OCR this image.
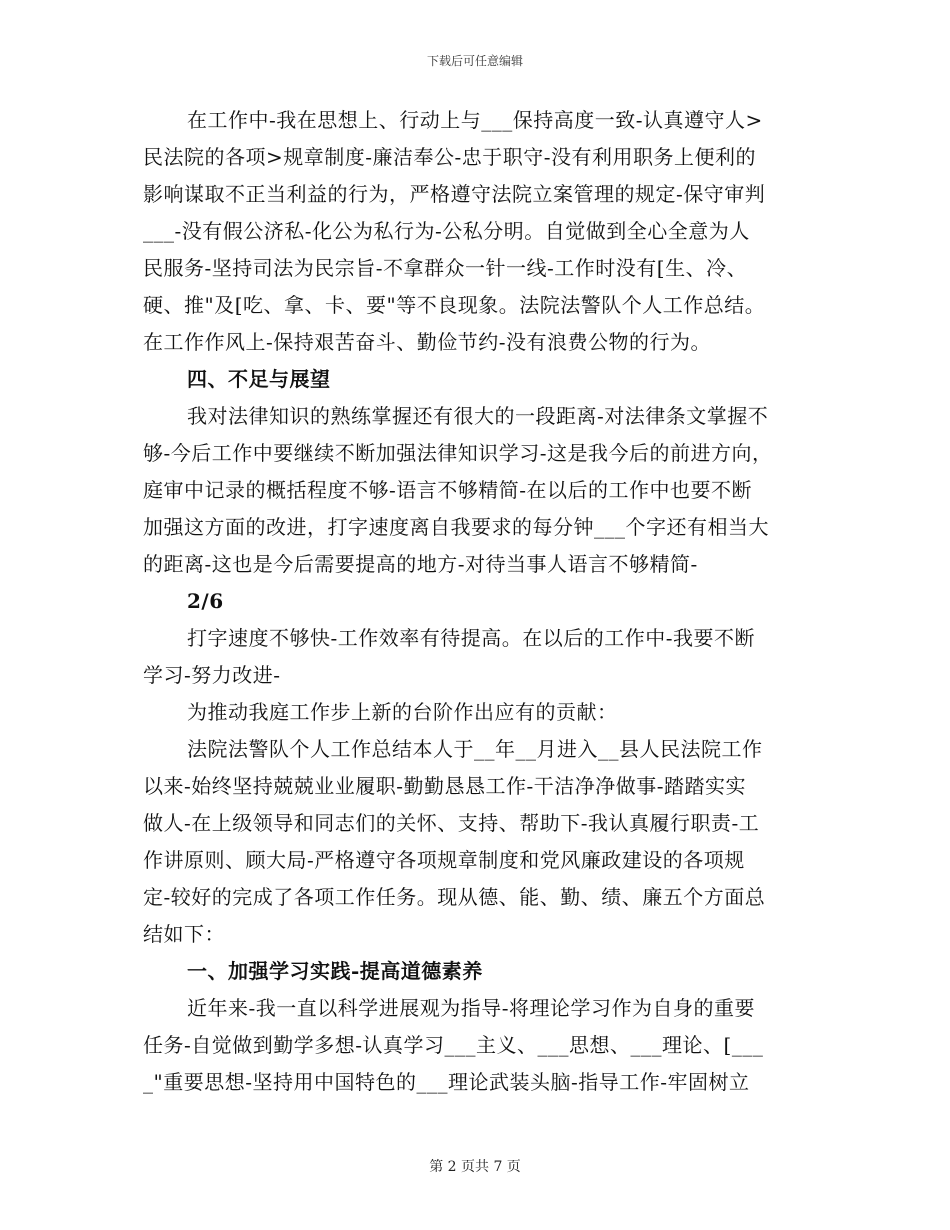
下载后可任意编辑
在工作中-我在思想上、行动上与___保持高度一致-认真遵守人>
民法院的各项>规章制度-廉洁奉公-忠于职守-没有利用职务上便利的
影响谋取不正当利益的行为，严格遵守法院立案管理的规定-保守审判
___-没有假公济私-化公为私行为-公私分明。自觉做到全心全意为人
民服务-坚持司法为民宗旨-不拿群众一针一线-工作时没有[生、冷、
硬、推"及[吃、拿、卡、要"等不良现象。法院法警队个人工作总结。
在工作作风上-保持艰苦奋斗、勤俭节约-没有浪费公物的行为。
四、不足与展望
我对法律知识的熟练掌握还有很大的一段距离-对法律条文掌握不
够-今后工作中要继续不断加强法律知识学习-这是我今后的前进方向，
庭审中记录的概括程度不够-语言不够精简-在以后的工作中也要不断
加强这方面的改进，打字速度离自我要求的每分钟___个字还有相当大
的距离-这也是今后需要提高的地方-对待当事人语言不够精简-
2/6
打字速度不够快-工作效率有待提高。在以后的工作中-我要不断
学习-努力改进-
为推动我庭工作步上新的台阶作出应有的贡献：
法院法警队个人工作总结本人于__年__月进入__县人民法院工作
以来-始终坚持兢兢业业履职-勤勤恳恳工作-干洁净净做事-踏踏实实
做人-在上级领导和同志们的关怀、支持、帮助下-我认真履行职责-工
作讲原则、顾大局-严格遵守各项规章制度和党风廉政建设的各项规
定-较好的完成了各项工作任务。现从德、能、勤、绩、廉五个方面总
结如下：
一、加强学习实践-提高道德素养
近年来-我一直以科学进展观为指导-将理论学习作为自身的重要
任务-自觉做到勤学多想-认真学习___主义、___思想、___理论、[___
_"重要思想-坚持用中国特色的___理论武装头脑-指导工作-牢固树立
第 2 页共 7 页
